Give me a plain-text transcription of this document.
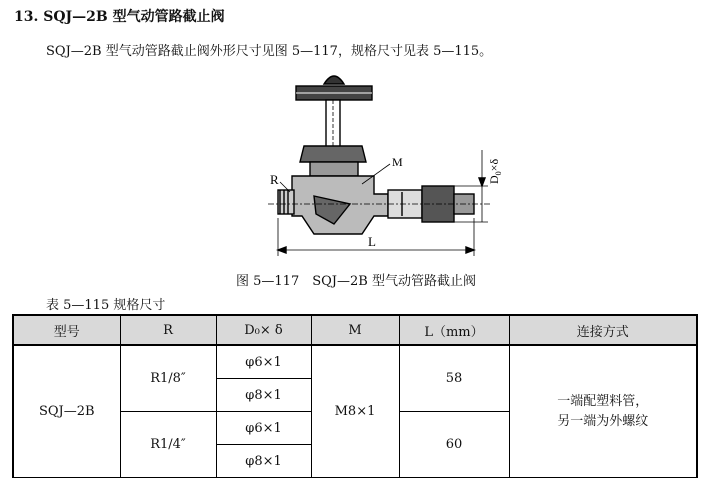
13. SQJ—2B 型气动管路截止阀
SQJ—2B 型气动管路截止阀外形尺寸见图 5—117，规格尺寸见表 5—115。
R
M
L
$D_0\times\delta$
图 5—117　SQJ—2B 型气动管路截止阀
表 5—115 规格尺寸
型号	R	D₀× δ	M	L（mm）	连接方式
SQJ—2B	R1/8″	φ6×1	M8×1	58	一端配塑料管，
另一端为外螺纹

		φ8×1			
	R1/4″	φ6×1		60	
		φ8×1			
